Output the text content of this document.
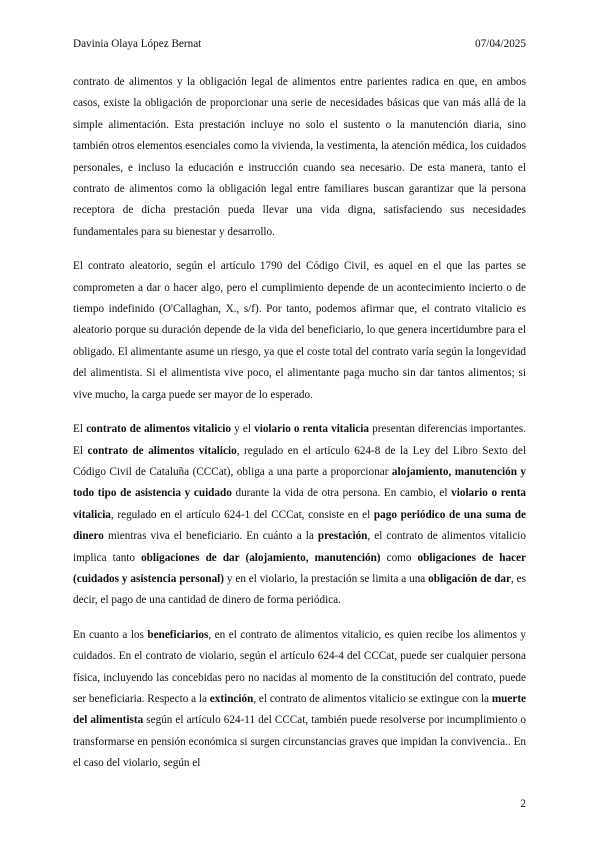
Davinia Olaya López Bernat	07/04/2025

contrato de alimentos y la obligación legal de alimentos entre parientes radica en que, en ambos casos, existe la obligación de proporcionar una serie de necesidades básicas que van más allá de la simple alimentación. Esta prestación incluye no solo el sustento o la manutención diaria, sino también otros elementos esenciales como la vivienda, la vestimenta, la atención médica, los cuidados personales, e incluso la educación e instrucción cuando sea necesario. De esta manera, tanto el contrato de alimentos como la obligación legal entre familiares buscan garantizar que la persona receptora de dicha prestación pueda llevar una vida digna, satisfaciendo sus necesidades fundamentales para su bienestar y desarrollo.

El contrato aleatorio, según el artículo 1790 del Código Civil, es aquel en el que las partes se comprometen a dar o hacer algo, pero el cumplimiento depende de un acontecimiento incierto o de tiempo indefinido (O'Callaghan, X., s/f). Por tanto, podemos afirmar que, el contrato vitalicio es aleatorio porque su duración depende de la vida del beneficiario, lo que genera incertidumbre para el obligado. El alimentante asume un riesgo, ya que el coste total del contrato varía según la longevidad del alimentista. Si el alimentista vive poco, el alimentante paga mucho sin dar tantos alimentos; si vive mucho, la carga puede ser mayor de lo esperado.

El contrato de alimentos vitalicio y el violario o renta vitalicia presentan diferencias importantes. El contrato de alimentos vitalicio, regulado en el artículo 624-8 de la Ley del Libro Sexto del Código Civil de Cataluña (CCCat), obliga a una parte a proporcionar alojamiento, manutención y todo tipo de asistencia y cuidado durante la vida de otra persona. En cambio, el violario o renta vitalicia, regulado en el artículo 624-1 del CCCat, consiste en el pago periódico de una suma de dinero mientras viva el beneficiario. En cuánto a la prestación, el contrato de alimentos vitalicio implica tanto obligaciones de dar (alojamiento, manutención) como obligaciones de hacer (cuidados y asistencia personal) y en el violario, la prestación se limita a una obligación de dar, es decir, el pago de una cantidad de dinero de forma periódica.

En cuanto a los beneficiarios, en el contrato de alimentos vitalicio, es quien recibe los alimentos y cuidados. En el contrato de violario, según el artículo 624-4 del CCCat, puede ser cualquier persona física, incluyendo las concebidas pero no nacidas al momento de la constitución del contrato, puede ser beneficiaria. Respecto a la extinción, el contrato de alimentos vitalicio se extingue con la muerte del alimentista según el artículo 624-11 del CCCat, también puede resolverse por incumplimiento o transformarse en pensión económica si surgen circunstancias graves que impidan la convivencia.. En el caso del violario, según el

2
